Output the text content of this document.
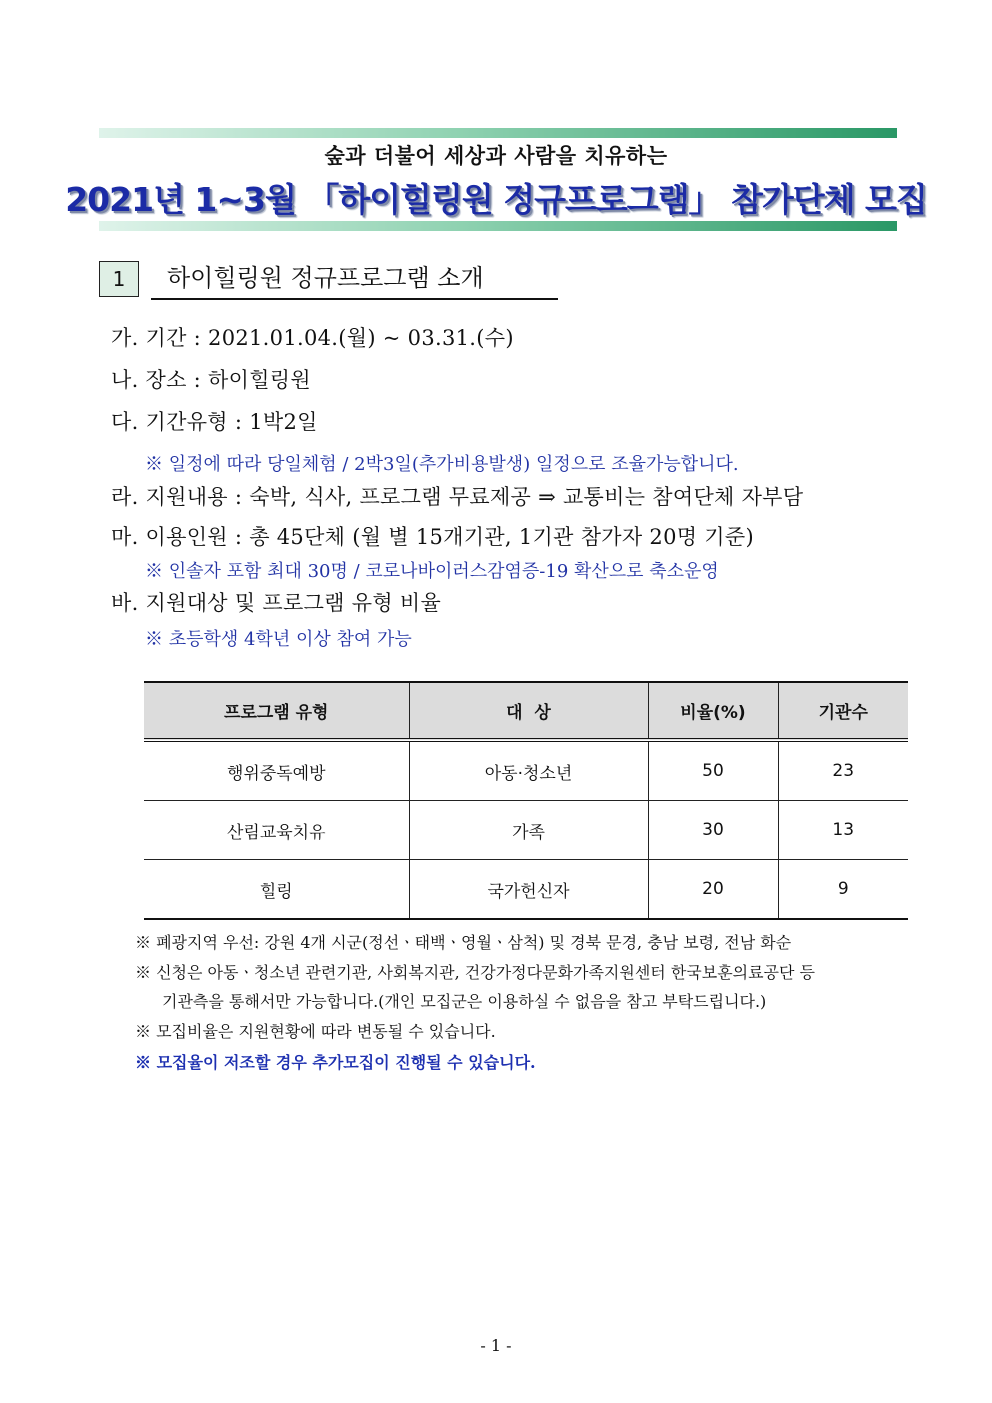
숲과 더불어 세상과 사람을 치유하는
2021년 1~3월 「하이힐링원 정규프로그램」 참가단체 모집
1	하이힐링원 정규프로그램 소개
가. 기간 : 2021.01.04.(월) ~ 03.31.(수)
나. 장소 : 하이힐링원
다. 기간유형 : 1박2일
※ 일정에 따라 당일체험 / 2박3일(추가비용발생) 일정으로 조율가능합니다.
라. 지원내용 : 숙박, 식사, 프로그램 무료제공 ⇒ 교통비는 참여단체 자부담
마. 이용인원 : 총 45단체 (월 별 15개기관, 1기관 참가자 20명 기준)
※ 인솔자 포함 최대 30명 / 코로나바이러스감염증-19 확산으로 축소운영
바. 지원대상 및 프로그램 유형 비율
※ 초등학생 4학년 이상 참여 가능
프로그램 유형	대  상	비율(%)	기관수
행위중독예방	아동·청소년	50	23
산림교육치유	가족	30	13
힐링	국가헌신자	20	9
※ 폐광지역 우선: 강원 4개 시군(정선ㆍ태백ㆍ영월ㆍ삼척) 및 경북 문경, 충남 보령, 전남 화순
※ 신청은 아동ㆍ청소년 관련기관, 사회복지관, 건강가정다문화가족지원센터 한국보훈의료공단 등
기관측을 통해서만 가능합니다.(개인 모집군은 이용하실 수 없음을 참고 부탁드립니다.)
※ 모집비율은 지원현황에 따라 변동될 수 있습니다.
※ 모집율이 저조할 경우 추가모집이 진행될 수 있습니다.
- 1 -
